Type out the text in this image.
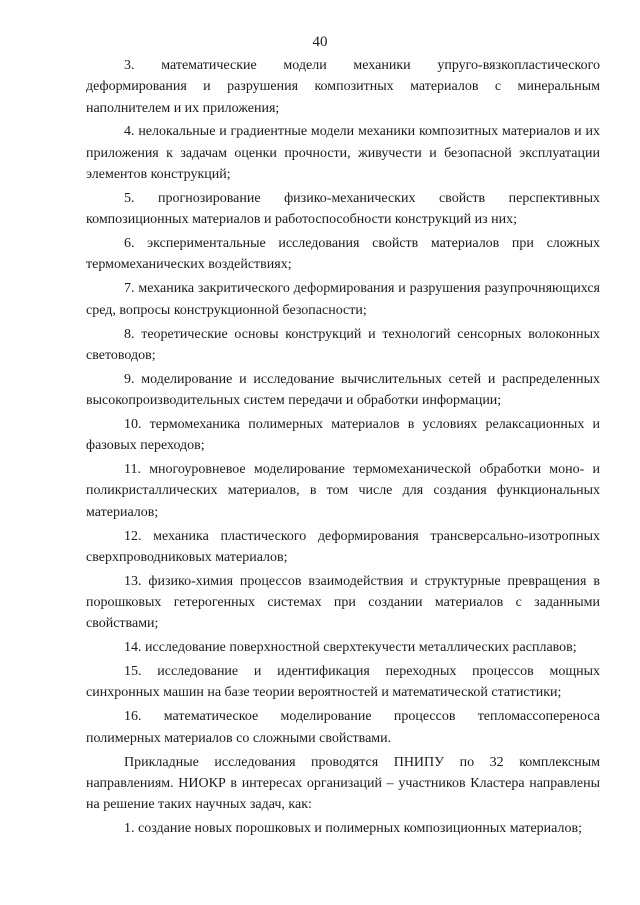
40

3. математические модели механики упруго-вязкопластического деформирования и разрушения композитных материалов с минеральным наполнителем и их приложения;

4. нелокальные и градиентные модели механики композитных материалов и их приложения к задачам оценки прочности, живучести и безопасной эксплуатации элементов конструкций;

5. прогнозирование физико-механических свойств перспективных композиционных материалов и работоспособности конструкций из них;

6. экспериментальные исследования свойств материалов при сложных термомеханических воздействиях;

7. механика закритического деформирования и разрушения разупрочняющихся сред, вопросы конструкционной безопасности;

8. теоретические основы конструкций и технологий сенсорных волоконных световодов;

9. моделирование и исследование вычислительных сетей и распределенных высокопроизводительных систем передачи и обработки информации;

10. термомеханика полимерных материалов в условиях релаксационных и фазовых переходов;

11. многоуровневое моделирование термомеханической обработки моно- и поликристаллических материалов, в том числе для создания функциональных материалов;

12. механика пластического деформирования трансверсально-изотропных сверхпроводниковых материалов;

13. физико-химия процессов взаимодействия и структурные превращения в порошковых гетерогенных системах при создании материалов с заданными свойствами;

14. исследование поверхностной сверхтекучести металлических расплавов;

15. исследование и идентификация переходных процессов мощных синхронных машин на базе теории вероятностей и математической статистики;

16. математическое моделирование процессов тепломассопереноса полимерных материалов со сложными свойствами.

Прикладные исследования проводятся ПНИПУ по 32 комплексным направлениям. НИОКР в интересах организаций – участников Кластера направлены на решение таких научных задач, как:

1. создание новых порошковых и полимерных композиционных материалов;
